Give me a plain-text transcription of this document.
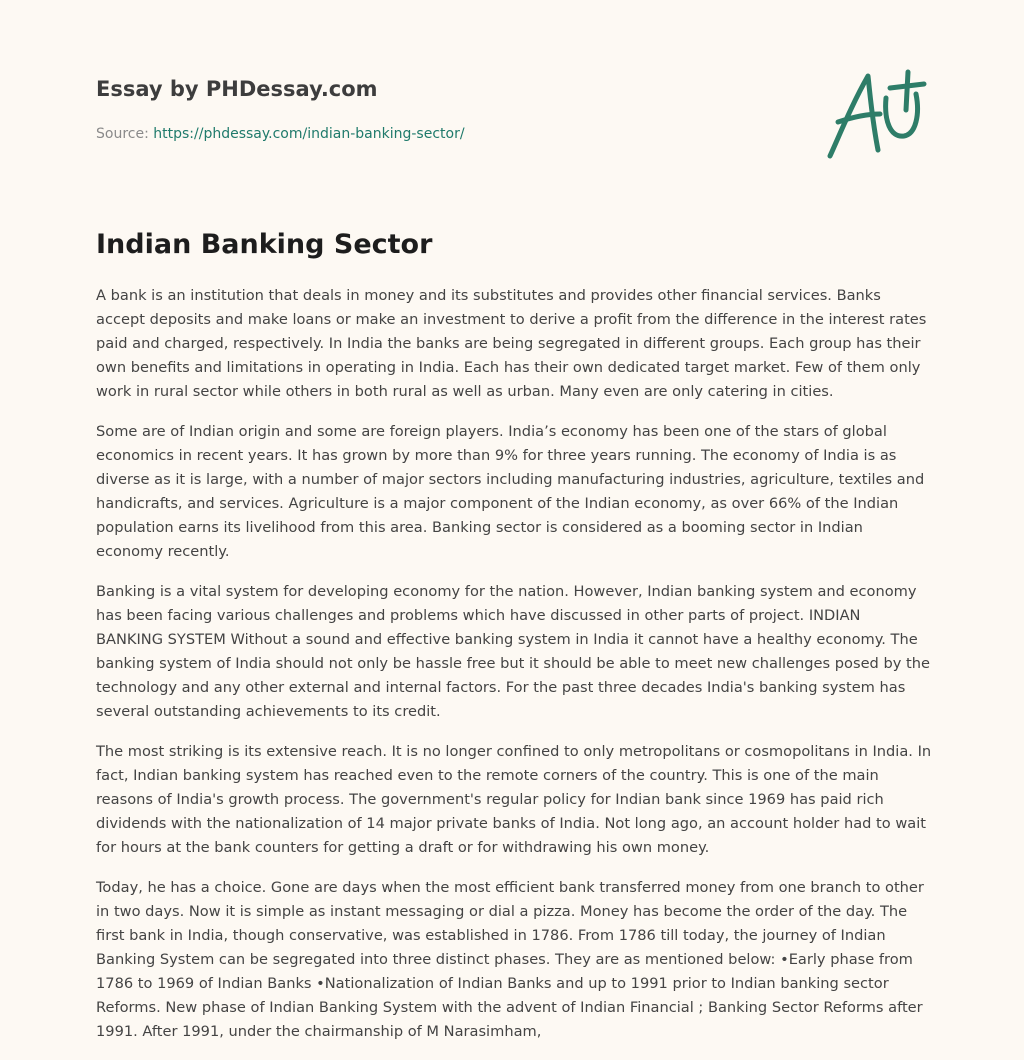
Essay by PHDessay.com
Source: https://phdessay.com/indian-banking-sector/
Indian Banking Sector

A bank is an institution that deals in money and its substitutes and provides other financial services. Banks accept deposits and make loans or make an investment to derive a profit from the difference in the interest rates paid and charged, respectively. In India the banks are being segregated in different groups. Each group has their own benefits and limitations in operating in India. Each has their own dedicated target market. Few of them only work in rural sector while others in both rural as well as urban. Many even are only catering in cities.

Some are of Indian origin and some are foreign players. India’s economy has been one of the stars of global economics in recent years. It has grown by more than 9% for three years running. The economy of India is as diverse as it is large, with a number of major sectors including manufacturing industries, agriculture, textiles and handicrafts, and services. Agriculture is a major component of the Indian economy, as over 66% of the Indian population earns its livelihood from this area. Banking sector is considered as a booming sector in Indian economy recently.

Banking is a vital system for developing economy for the nation. However, Indian banking system and economy has been facing various challenges and problems which have discussed in other parts of project. INDIAN BANKING SYSTEM Without a sound and effective banking system in India it cannot have a healthy economy. The banking system of India should not only be hassle free but it should be able to meet new challenges posed by the technology and any other external and internal factors. For the past three decades India's banking system has several outstanding achievements to its credit.

The most striking is its extensive reach. It is no longer confined to only metropolitans or cosmopolitans in India. In fact, Indian banking system has reached even to the remote corners of the country. This is one of the main reasons of India's growth process. The government's regular policy for Indian bank since 1969 has paid rich dividends with the nationalization of 14 major private banks of India. Not long ago, an account holder had to wait for hours at the bank counters for getting a draft or for withdrawing his own money.

Today, he has a choice. Gone are days when the most efficient bank transferred money from one branch to other in two days. Now it is simple as instant messaging or dial a pizza. Money has become the order of the day. The first bank in India, though conservative, was established in 1786. From 1786 till today, the journey of Indian Banking System can be segregated into three distinct phases. They are as mentioned below: •Early phase from 1786 to 1969 of Indian Banks •Nationalization of Indian Banks and up to 1991 prior to Indian banking sector Reforms. New phase of Indian Banking System with the advent of Indian Financial ; Banking Sector Reforms after 1991. After 1991, under the chairmanship of M Narasimham,
